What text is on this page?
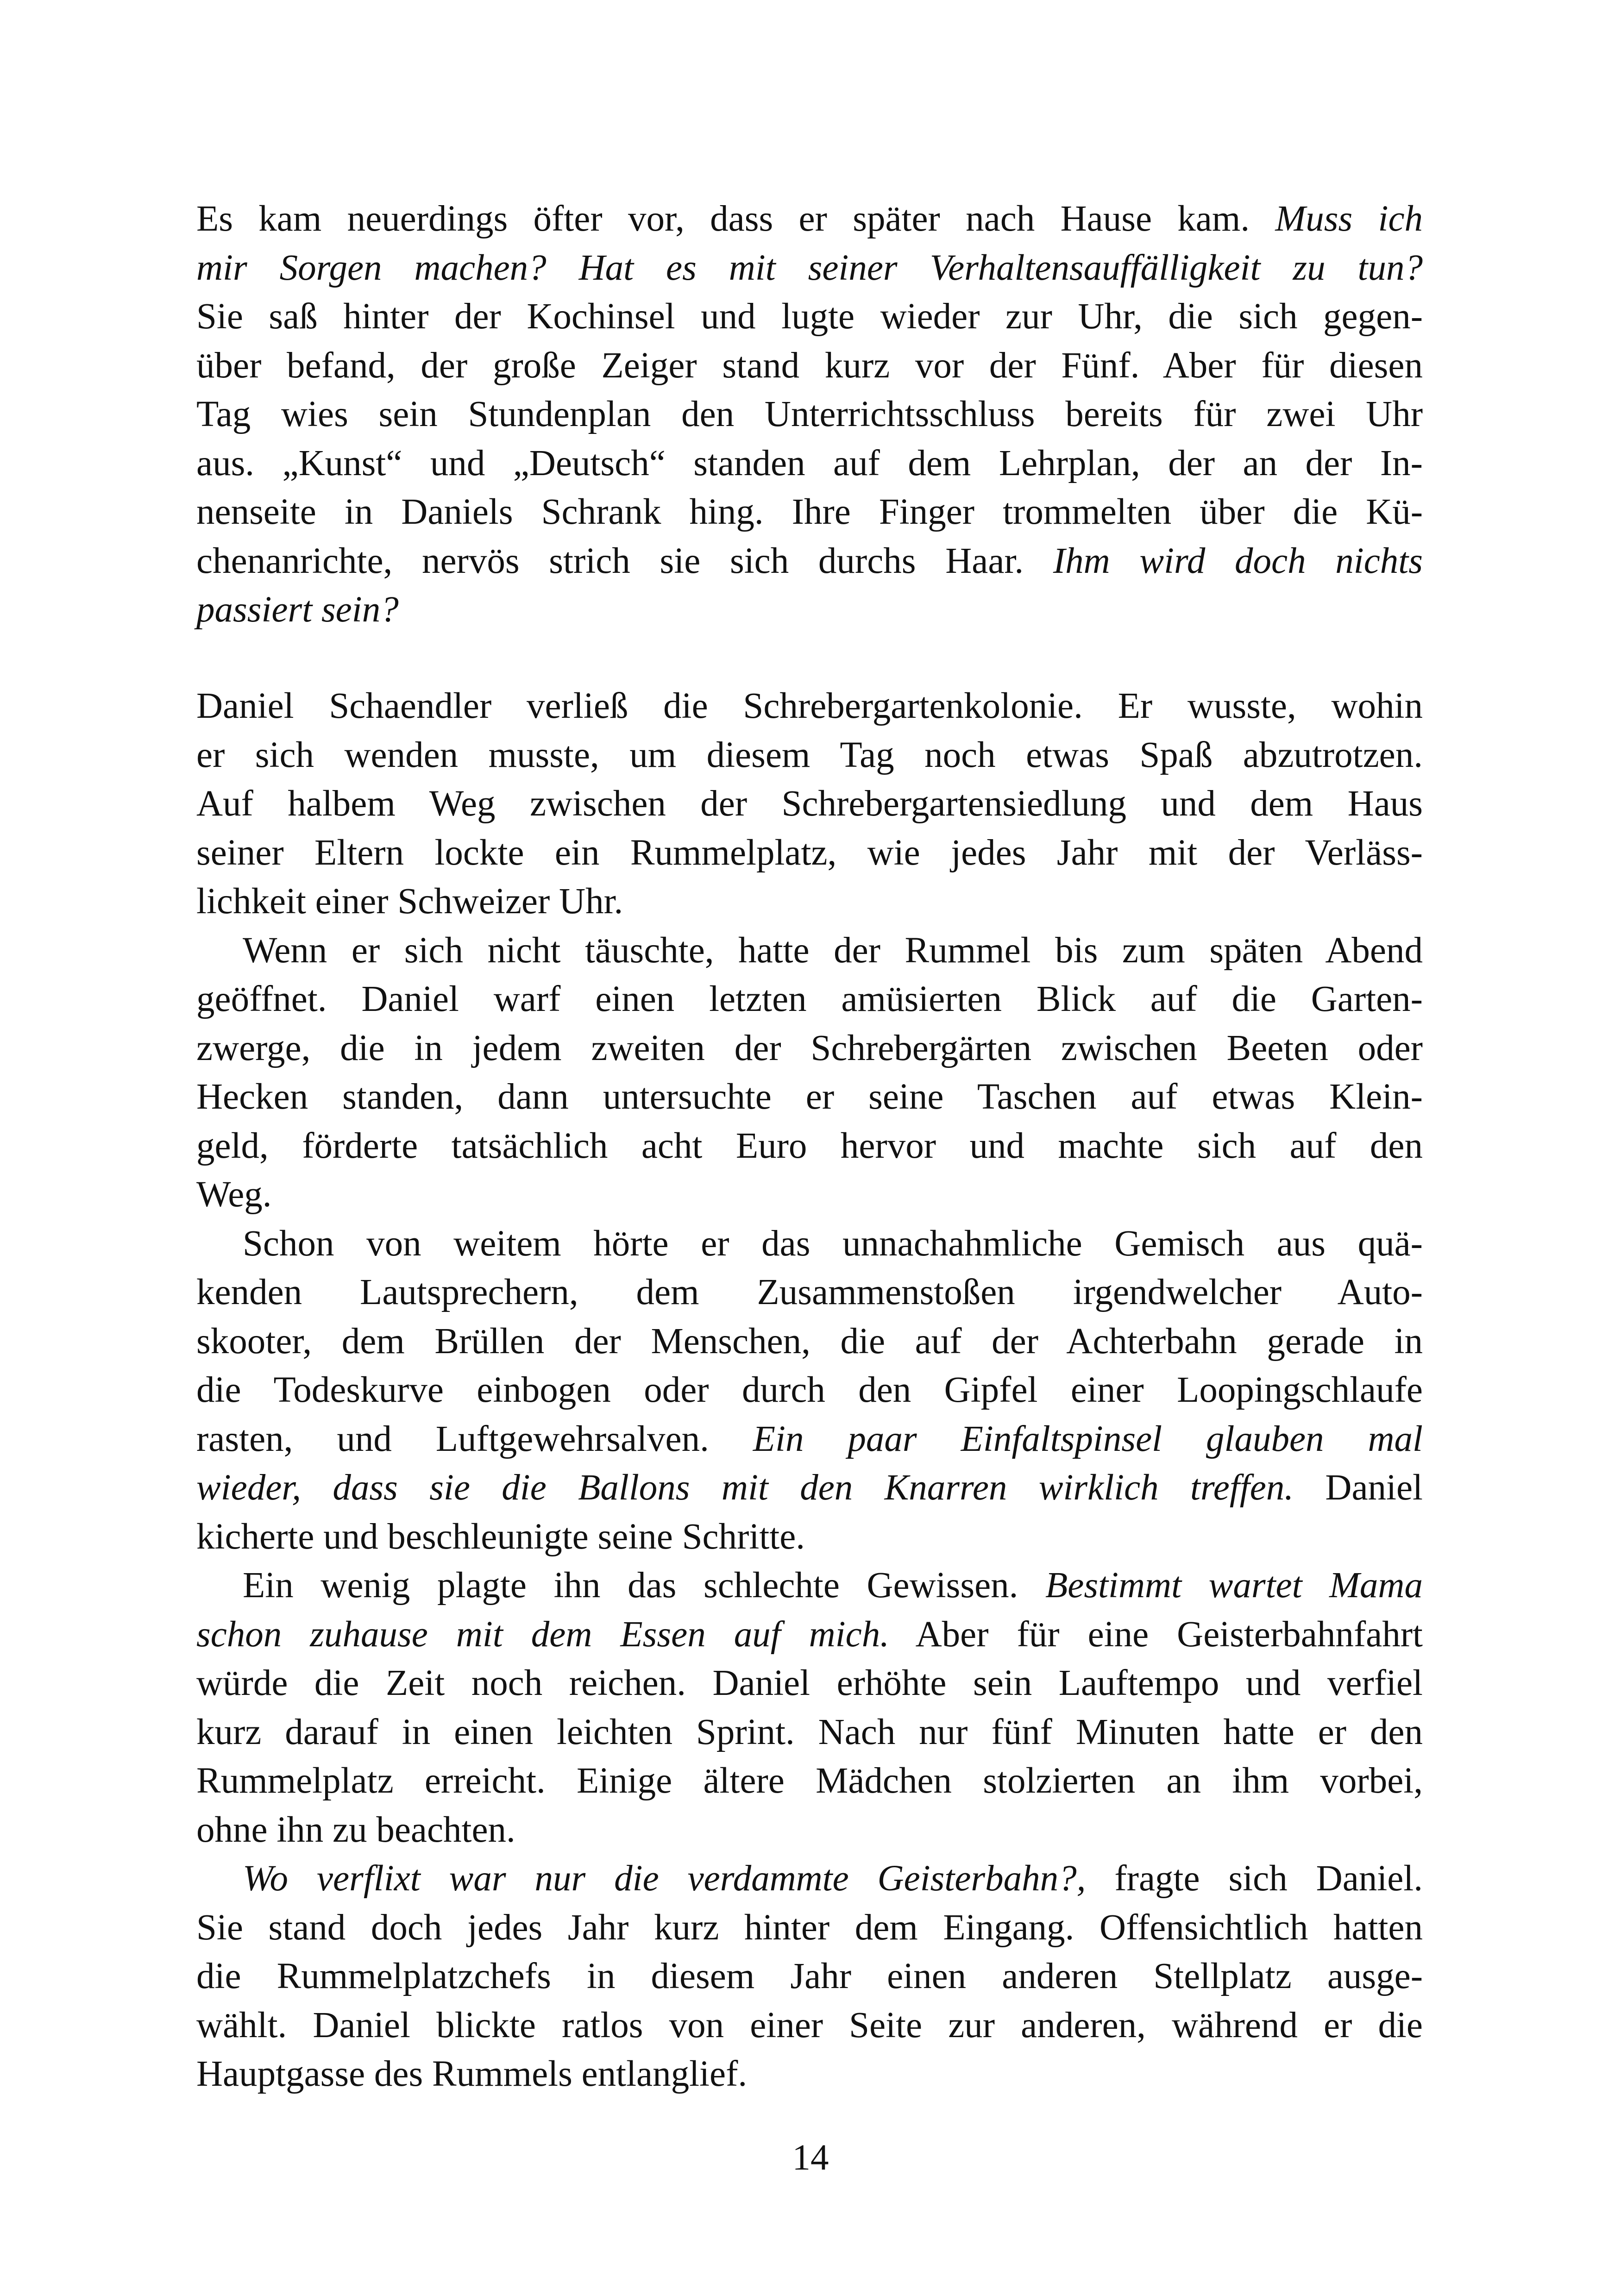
Es kam neuerdings öfter vor, dass er später nach Hause kam. Muss ich
mir Sorgen machen? Hat es mit seiner Verhaltensauffälligkeit zu tun?
Sie saß hinter der Kochinsel und lugte wieder zur Uhr, die sich gegen-
über befand, der große Zeiger stand kurz vor der Fünf. Aber für diesen
Tag wies sein Stundenplan den Unterrichtsschluss bereits für zwei Uhr
aus. „Kunst“ und „Deutsch“ standen auf dem Lehrplan, der an der In-
nenseite in Daniels Schrank hing. Ihre Finger trommelten über die Kü-
chenanrichte, nervös strich sie sich durchs Haar. Ihm wird doch nichts
passiert sein?

Daniel Schaendler verließ die Schrebergartenkolonie. Er wusste, wohin
er sich wenden musste, um diesem Tag noch etwas Spaß abzutrotzen.
Auf halbem Weg zwischen der Schrebergartensiedlung und dem Haus
seiner Eltern lockte ein Rummelplatz, wie jedes Jahr mit der Verläss-
lichkeit einer Schweizer Uhr.

Wenn er sich nicht täuschte, hatte der Rummel bis zum späten Abend
geöffnet. Daniel warf einen letzten amüsierten Blick auf die Garten-
zwerge, die in jedem zweiten der Schrebergärten zwischen Beeten oder
Hecken standen, dann untersuchte er seine Taschen auf etwas Klein-
geld, förderte tatsächlich acht Euro hervor und machte sich auf den
Weg.

Schon von weitem hörte er das unnachahmliche Gemisch aus quä-
kenden Lautsprechern, dem Zusammenstoßen irgendwelcher Auto-
skooter, dem Brüllen der Menschen, die auf der Achterbahn gerade in
die Todeskurve einbogen oder durch den Gipfel einer Loopingschlaufe
rasten, und Luftgewehrsalven. Ein paar Einfaltspinsel glauben mal
wieder, dass sie die Ballons mit den Knarren wirklich treffen. Daniel
kicherte und beschleunigte seine Schritte.

Ein wenig plagte ihn das schlechte Gewissen. Bestimmt wartet Mama
schon zuhause mit dem Essen auf mich. Aber für eine Geisterbahnfahrt
würde die Zeit noch reichen. Daniel erhöhte sein Lauftempo und verfiel
kurz darauf in einen leichten Sprint. Nach nur fünf Minuten hatte er den
Rummelplatz erreicht. Einige ältere Mädchen stolzierten an ihm vorbei,
ohne ihn zu beachten.

Wo verflixt war nur die verdammte Geisterbahn?, fragte sich Daniel.
Sie stand doch jedes Jahr kurz hinter dem Eingang. Offensichtlich hatten
die Rummelplatzchefs in diesem Jahr einen anderen Stellplatz ausge-
wählt. Daniel blickte ratlos von einer Seite zur anderen, während er die
Hauptgasse des Rummels entlanglief.

14
